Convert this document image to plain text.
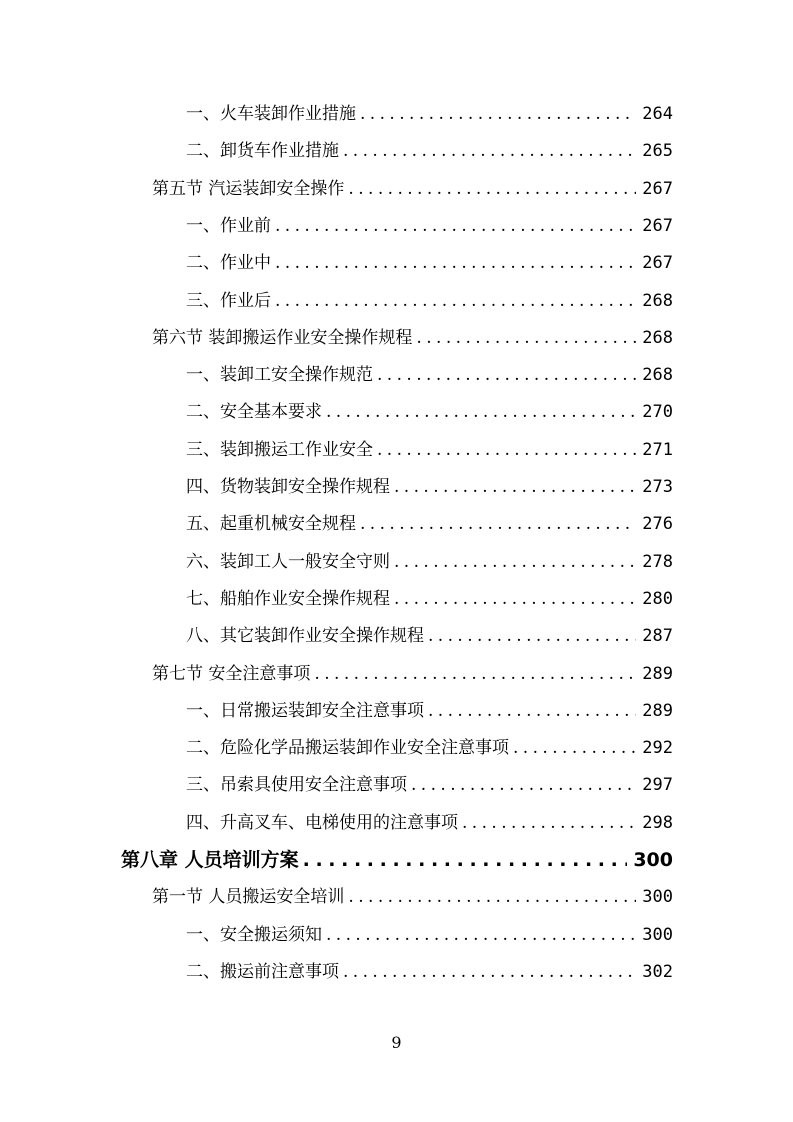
一、火车装卸作业措施 . . .	264
二、卸货车作业措施 . . .	265
第五节 汽运装卸安全操作 . . .	267
一、作业前 . . .	267
二、作业中 . . .	267
三、作业后 . . .	268
第六节 装卸搬运作业安全操作规程 . . .	268
一、装卸工安全操作规范 . . .	268
二、安全基本要求 . . .	270
三、装卸搬运工作业安全 . . .	271
四、货物装卸安全操作规程 . . .	273
五、起重机械安全规程 . . .	276
六、装卸工人一般安全守则 . . .	278
七、船舶作业安全操作规程 . . .	280
八、其它装卸作业安全操作规程 . . .	287
第七节 安全注意事项 . . .	289
一、日常搬运装卸安全注意事项 . . .	289
二、危险化学品搬运装卸作业安全注意事项 . . .	292
三、吊索具使用安全注意事项 . . .	297
四、升高叉车、电梯使用的注意事项 . . .	298
第八章 人员培训方案 . . .	300
第一节 人员搬运安全培训 . . .	300
一、安全搬运须知 . . .	300
二、搬运前注意事项 . . .	302
9
